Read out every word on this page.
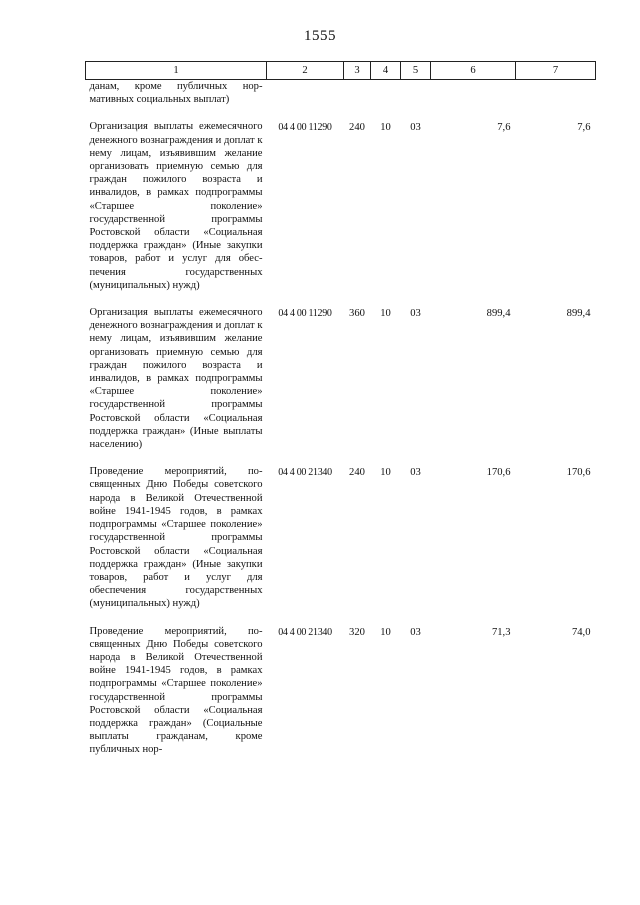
1555
1	2	3	4	5	6	7
данам, кроме публичных нормативных социальных выплат)						

Организация выплаты ежемесячного денежного вознаграждения и доплат к нему лицам, изъявившим желание организовать приемную семью для граждан пожилого возраста и инвалидов, в рамках подпрограммы «Старшее поколение» государственной программы Ростовской области «Социальная поддержка граждан» (Иные закупки товаров, работ и услуг для обеспечения государственных (муниципальных) нужд)	04 4 00 11290	240	10	03	7,6	7,6

Организация выплаты ежемесячного денежного вознаграждения и доплат к нему лицам, изъявившим желание организовать приемную семью для граждан пожилого возраста и инвалидов, в рамках подпрограммы «Старшее поколение» государственной программы Ростовской области «Социальная поддержка граждан» (Иные выплаты населению)	04 4 00 11290	360	10	03	899,4	899,4

Проведение мероприятий, посвященных Дню Победы советского народа в Великой Отечественной войне 1941-1945 годов, в рамках подпрограммы «Старшее поколение» государственной программы Ростовской области «Социальная поддержка граждан» (Иные закупки товаров, работ и услуг для обеспечения государственных (муниципальных) нужд)	04 4 00 21340	240	10	03	170,6	170,6

Проведение мероприятий, посвященных Дню Победы советского народа в Великой Отечественной войне 1941-1945 годов, в рамках подпрограммы «Старшее поколение» государственной программы Ростовской области «Социальная поддержка граждан» (Социальные выплаты гражданам, кроме публичных нор-	04 4 00 21340	320	10	03	71,3	74,0
